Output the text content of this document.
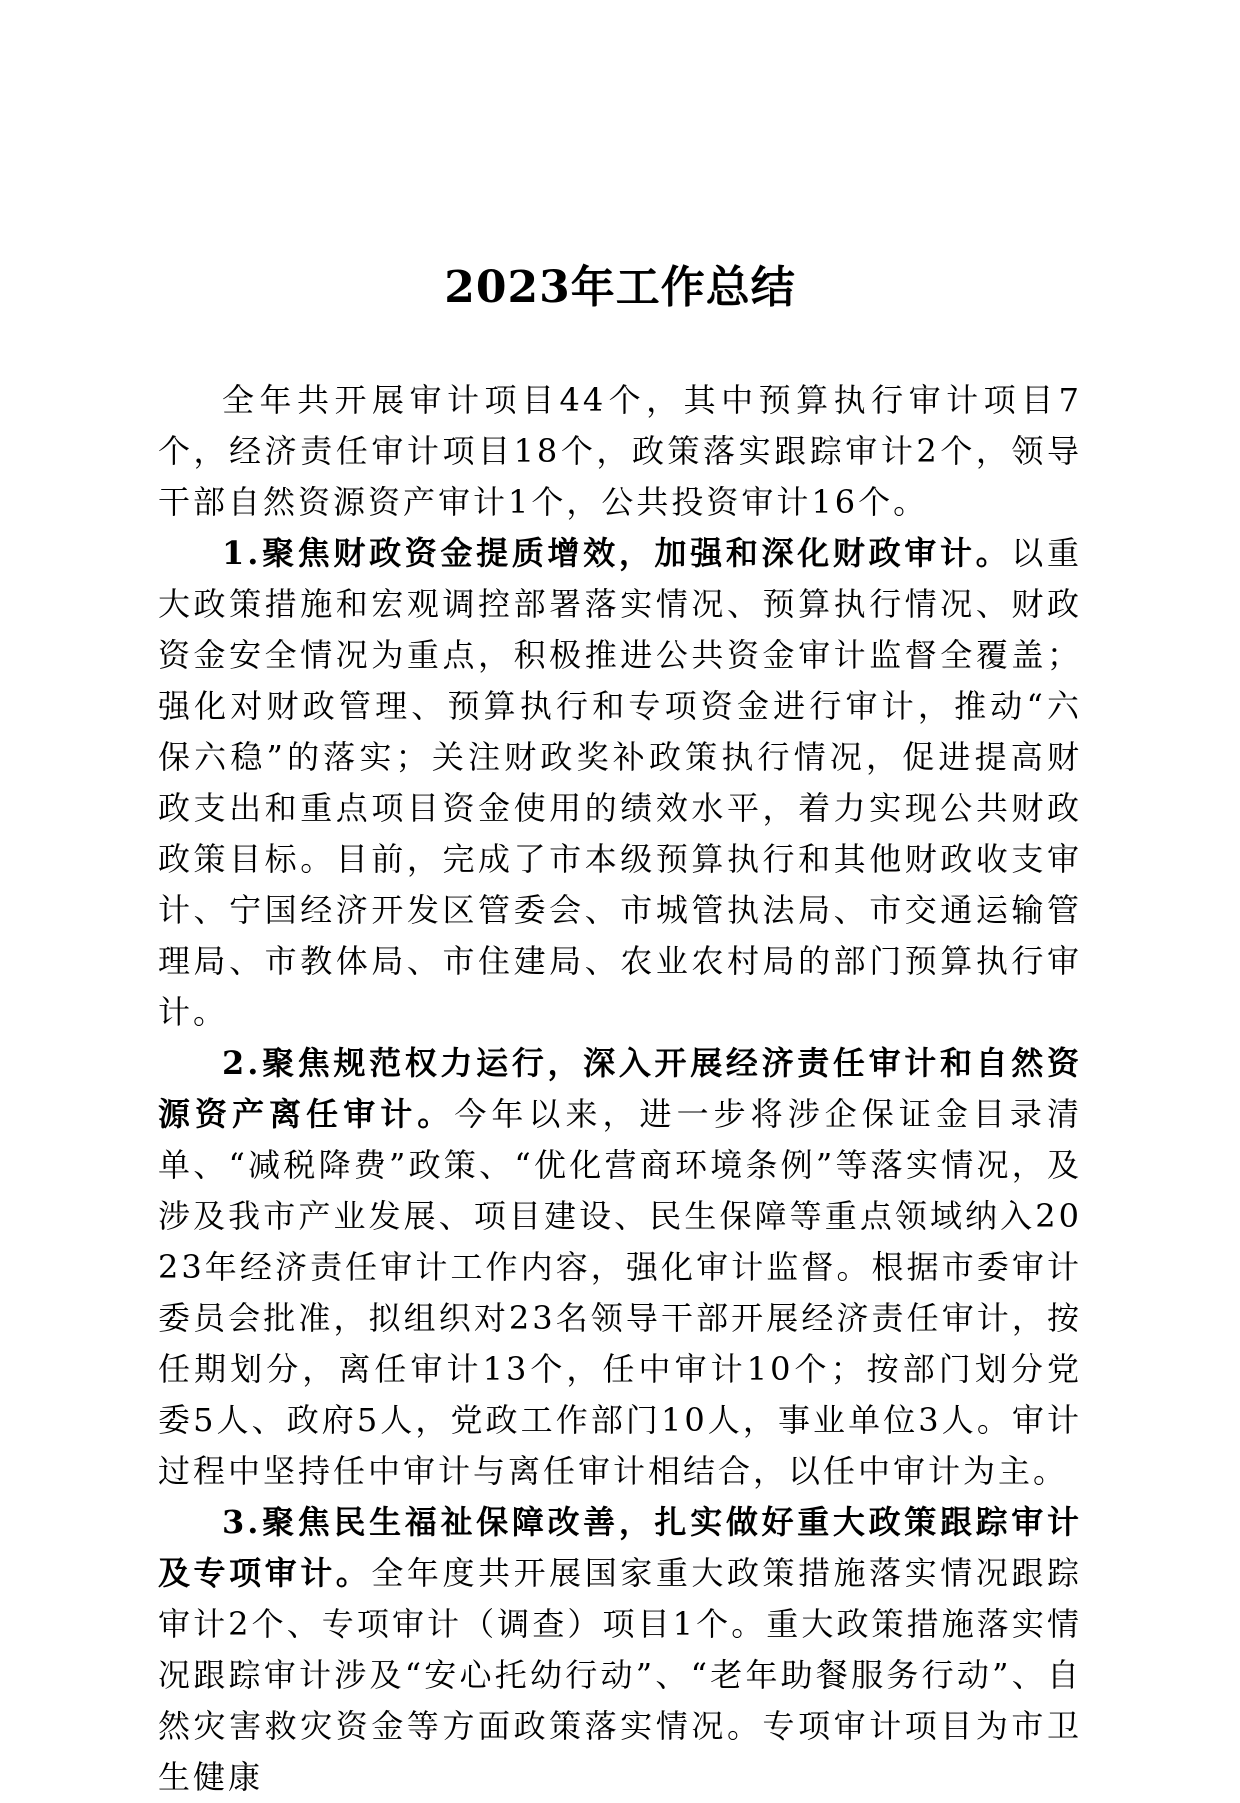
2023年工作总结

全年共开展审计项目44个，其中预算执行审计项目7个，经济责任审计项目18个，政策落实跟踪审计2个，领导干部自然资源资产审计1个，公共投资审计16个。

1.聚焦财政资金提质增效，加强和深化财政审计。以重大政策措施和宏观调控部署落实情况、预算执行情况、财政资金安全情况为重点，积极推进公共资金审计监督全覆盖；强化对财政管理、预算执行和专项资金进行审计，推动“六保六稳”的落实；关注财政奖补政策执行情况，促进提高财政支出和重点项目资金使用的绩效水平，着力实现公共财政政策目标。目前，完成了市本级预算执行和其他财政收支审计、宁国经济开发区管委会、市城管执法局、市交通运输管理局、市教体局、市住建局、农业农村局的部门预算执行审计。

2.聚焦规范权力运行，深入开展经济责任审计和自然资源资产离任审计。今年以来，进一步将涉企保证金目录清单、“减税降费”政策、“优化营商环境条例”等落实情况，及涉及我市产业发展、项目建设、民生保障等重点领域纳入2023年经济责任审计工作内容，强化审计监督。根据市委审计委员会批准，拟组织对23名领导干部开展经济责任审计，按任期划分，离任审计13个，任中审计10个；按部门划分党委5人、政府5人，党政工作部门10人，事业单位3人。审计过程中坚持任中审计与离任审计相结合，以任中审计为主。

3.聚焦民生福祉保障改善，扎实做好重大政策跟踪审计及专项审计。全年度共开展国家重大政策措施落实情况跟踪审计2个、专项审计（调查）项目1个。重大政策措施落实情况跟踪审计涉及“安心托幼行动”、“老年助餐服务行动”、自然灾害救灾资金等方面政策落实情况。专项审计项目为市卫生健康
